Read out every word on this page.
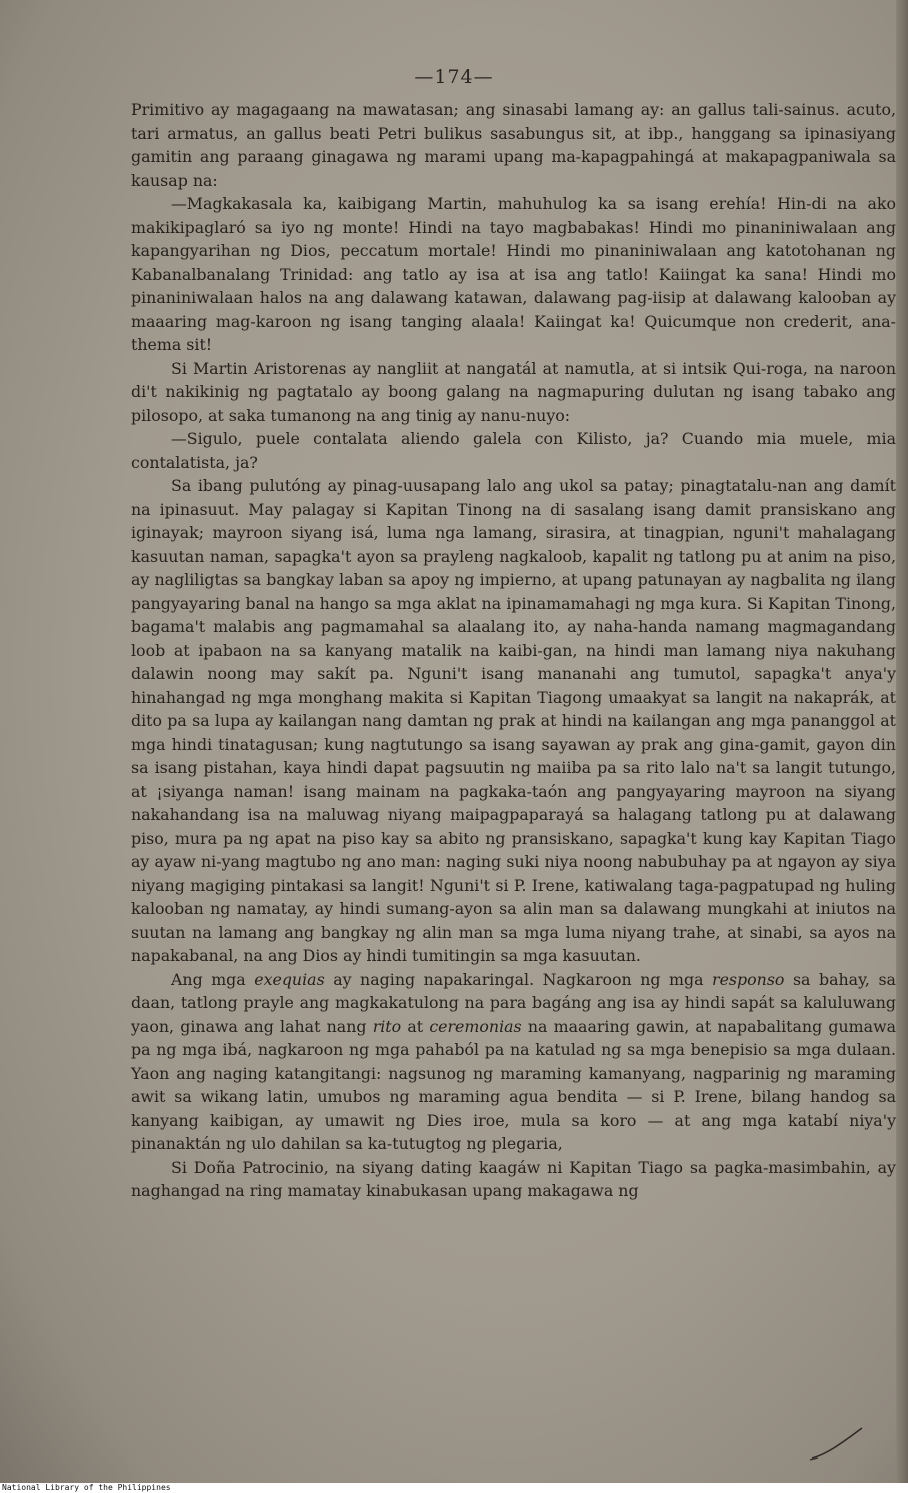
—174—

Primitivo ay magagaang na mawatasan; ang sinasabi lamang ay: an gallus tali-sainus. acuto, tari armatus, an gallus beati Petri bulikus sasabungus sit, at ibp., hanggang sa ipinasiyang gamitin ang paraang ginagawa ng marami upang ma-kapagpahingá at makapagpaniwala sa kausap na:

—Magkakasala ka, kaibigang Martin, mahuhulog ka sa isang erehía! Hin-di na ako makikipaglaró sa iyo ng monte! Hindi na tayo magbabakas! Hindi mo pinaniniwalaan ang kapangyarihan ng Dios, peccatum mortale! Hindi mo pinaniniwalaan ang katotohanan ng Kabanalbanalang Trinidad: ang tatlo ay isa at isa ang tatlo! Kaiingat ka sana! Hindi mo pinaniniwalaan halos na ang dalawang katawan, dalawang pag-iisip at dalawang kalooban ay maaaring mag-karoon ng isang tanging alaala! Kaiingat ka! Quicumque non crederit, ana-thema sit!

Si Martin Aristorenas ay nangliit at nangatál at namutla, at si intsik Qui-roga, na naroon di't nakikinig ng pagtatalo ay boong galang na nagmapuring dulutan ng isang tabako ang pilosopo, at saka tumanong na ang tinig ay nanu-nuyo:

—Sigulo, puele contalata aliendo galela con Kilisto, ja? Cuando mia muele, mia contalatista, ja?

Sa ibang pulutóng ay pinag-uusapang lalo ang ukol sa patay; pinagtatalu-nan ang damít na ipinasuut. May palagay si Kapitan Tinong na di sasalang isang damit pransiskano ang iginayak; mayroon siyang isá, luma nga lamang, sirasira, at tinagpian, nguni't mahalagang kasuutan naman, sapagka't ayon sa prayleng nagkaloob, kapalit ng tatlong pu at anim na piso, ay nagliligtas sa bangkay laban sa apoy ng impierno, at upang patunayan ay nagbalita ng ilang pangyayaring banal na hango sa mga aklat na ipinamamahagi ng mga kura. Si Kapitan Tinong, bagama't malabis ang pagmamahal sa alaalang ito, ay naha-handa namang magmagandang loob at ipabaon na sa kanyang matalik na kaibi-gan, na hindi man lamang niya nakuhang dalawin noong may sakít pa. Nguni't isang mananahi ang tumutol, sapagka't anya'y hinahangad ng mga monghang makita si Kapitan Tiagong umaakyat sa langit na nakaprák, at dito pa sa lupa ay kailangan nang damtan ng prak at hindi na kailangan ang mga pananggol at mga hindi tinatagusan; kung nagtutungo sa isang sayawan ay prak ang gina-gamit, gayon din sa isang pistahan, kaya hindi dapat pagsuutin ng maiiba pa sa rito lalo na't sa langit tutungo, at ¡siyanga naman! isang mainam na pagkaka-taón ang pangyayaring mayroon na siyang nakahandang isa na maluwag niyang maipagpaparayá sa halagang tatlong pu at dalawang piso, mura pa ng apat na piso kay sa abito ng pransiskano, sapagka't kung kay Kapitan Tiago ay ayaw ni-yang magtubo ng ano man: naging suki niya noong nabubuhay pa at ngayon ay siya niyang magiging pintakasi sa langit! Nguni't si P. Irene, katiwalang taga-pagpatupad ng huling kalooban ng namatay, ay hindi sumang-ayon sa alin man sa dalawang mungkahi at iniutos na suutan na lamang ang bangkay ng alin man sa mga luma niyang trahe, at sinabi, sa ayos na napakabanal, na ang Dios ay hindi tumitingin sa mga kasuutan.

Ang mga exequias ay naging napakaringal. Nagkaroon ng mga responso sa bahay, sa daan, tatlong prayle ang magkakatulong na para bagáng ang isa ay hindi sapát sa kaluluwang yaon, ginawa ang lahat nang rito at ceremonias na maaaring gawin, at napabalitang gumawa pa ng mga ibá, nagkaroon ng mga pahaból pa na katulad ng sa mga benepisio sa mga dulaan. Yaon ang naging katangitangi: nagsunog ng maraming kamanyang, nagparinig ng maraming awit sa wikang latin, umubos ng maraming agua bendita — si P. Irene, bilang handog sa kanyang kaibigan, ay umawit ng Dies iroe, mula sa koro — at ang mga katabí niya'y pinanaktán ng ulo dahilan sa ka-tutugtog ng plegaria,

Si Doña Patrocinio, na siyang dating kaagáw ni Kapitan Tiago sa pagka-masimbahin, ay naghangad na ring mamatay kinabukasan upang makagawa ng

National Library of the Philippines
